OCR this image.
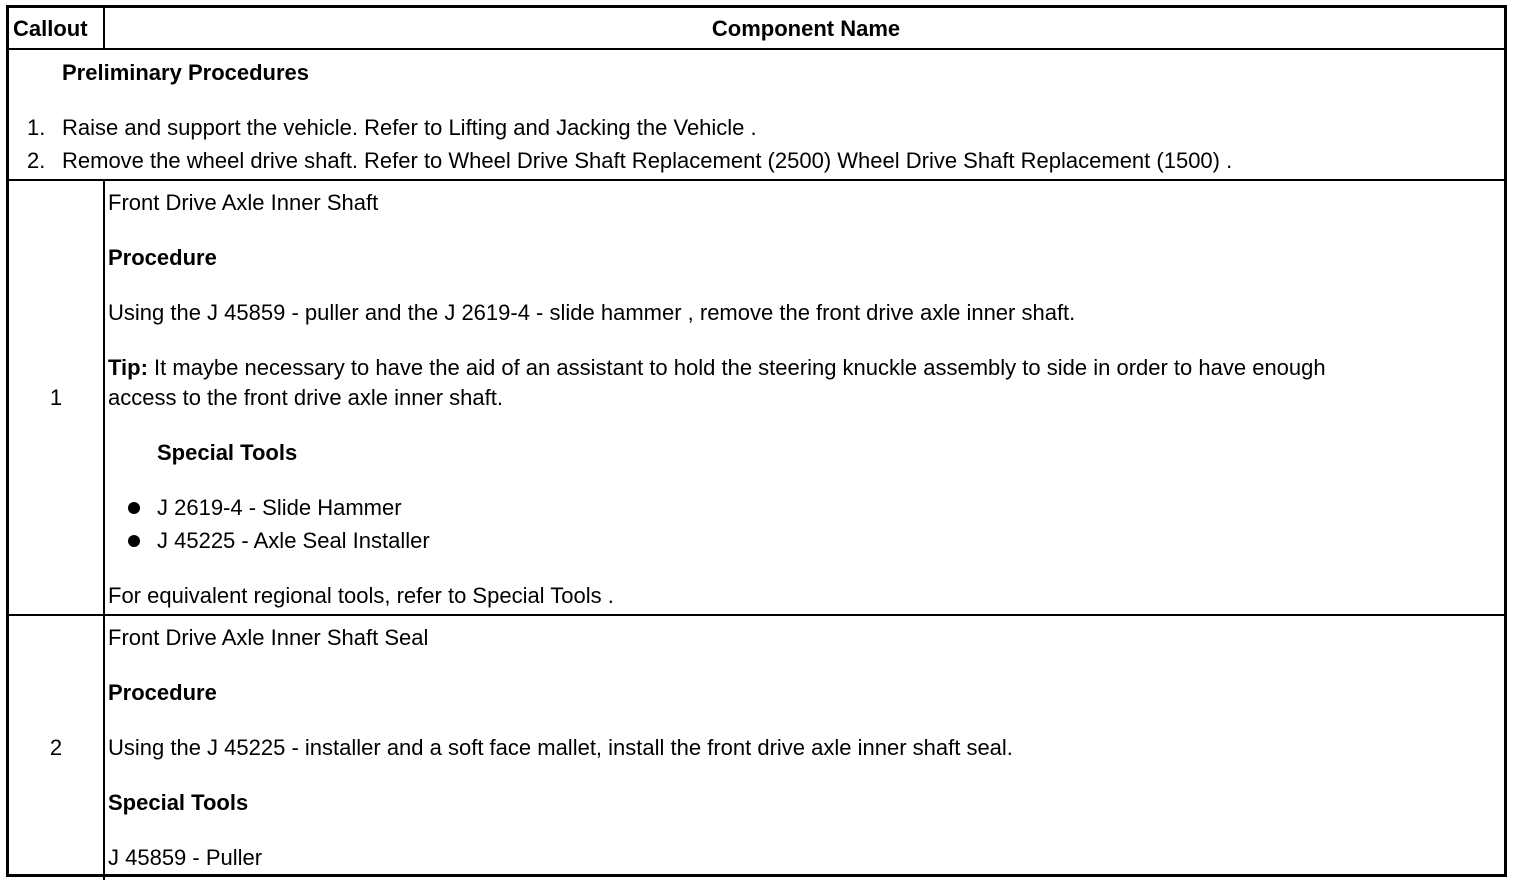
Callout	Component Name
Preliminary Procedures
1. Raise and support the vehicle. Refer to Lifting and Jacking the Vehicle .
2. Remove the wheel drive shaft. Refer to Wheel Drive Shaft Replacement (2500) Wheel Drive Shaft Replacement (1500) .
1
Front Drive Axle Inner Shaft
Procedure
Using the J 45859 - puller and the J 2619-4 - slide hammer , remove the front drive axle inner shaft.
Tip: It maybe necessary to have the aid of an assistant to hold the steering knuckle assembly to side in order to have enough
access to the front drive axle inner shaft.
Special Tools
J 2619-4 - Slide Hammer
J 45225 - Axle Seal Installer
For equivalent regional tools, refer to Special Tools .
2
Front Drive Axle Inner Shaft Seal
Procedure
Using the J 45225 - installer and a soft face mallet, install the front drive axle inner shaft seal.
Special Tools
J 45859 - Puller
